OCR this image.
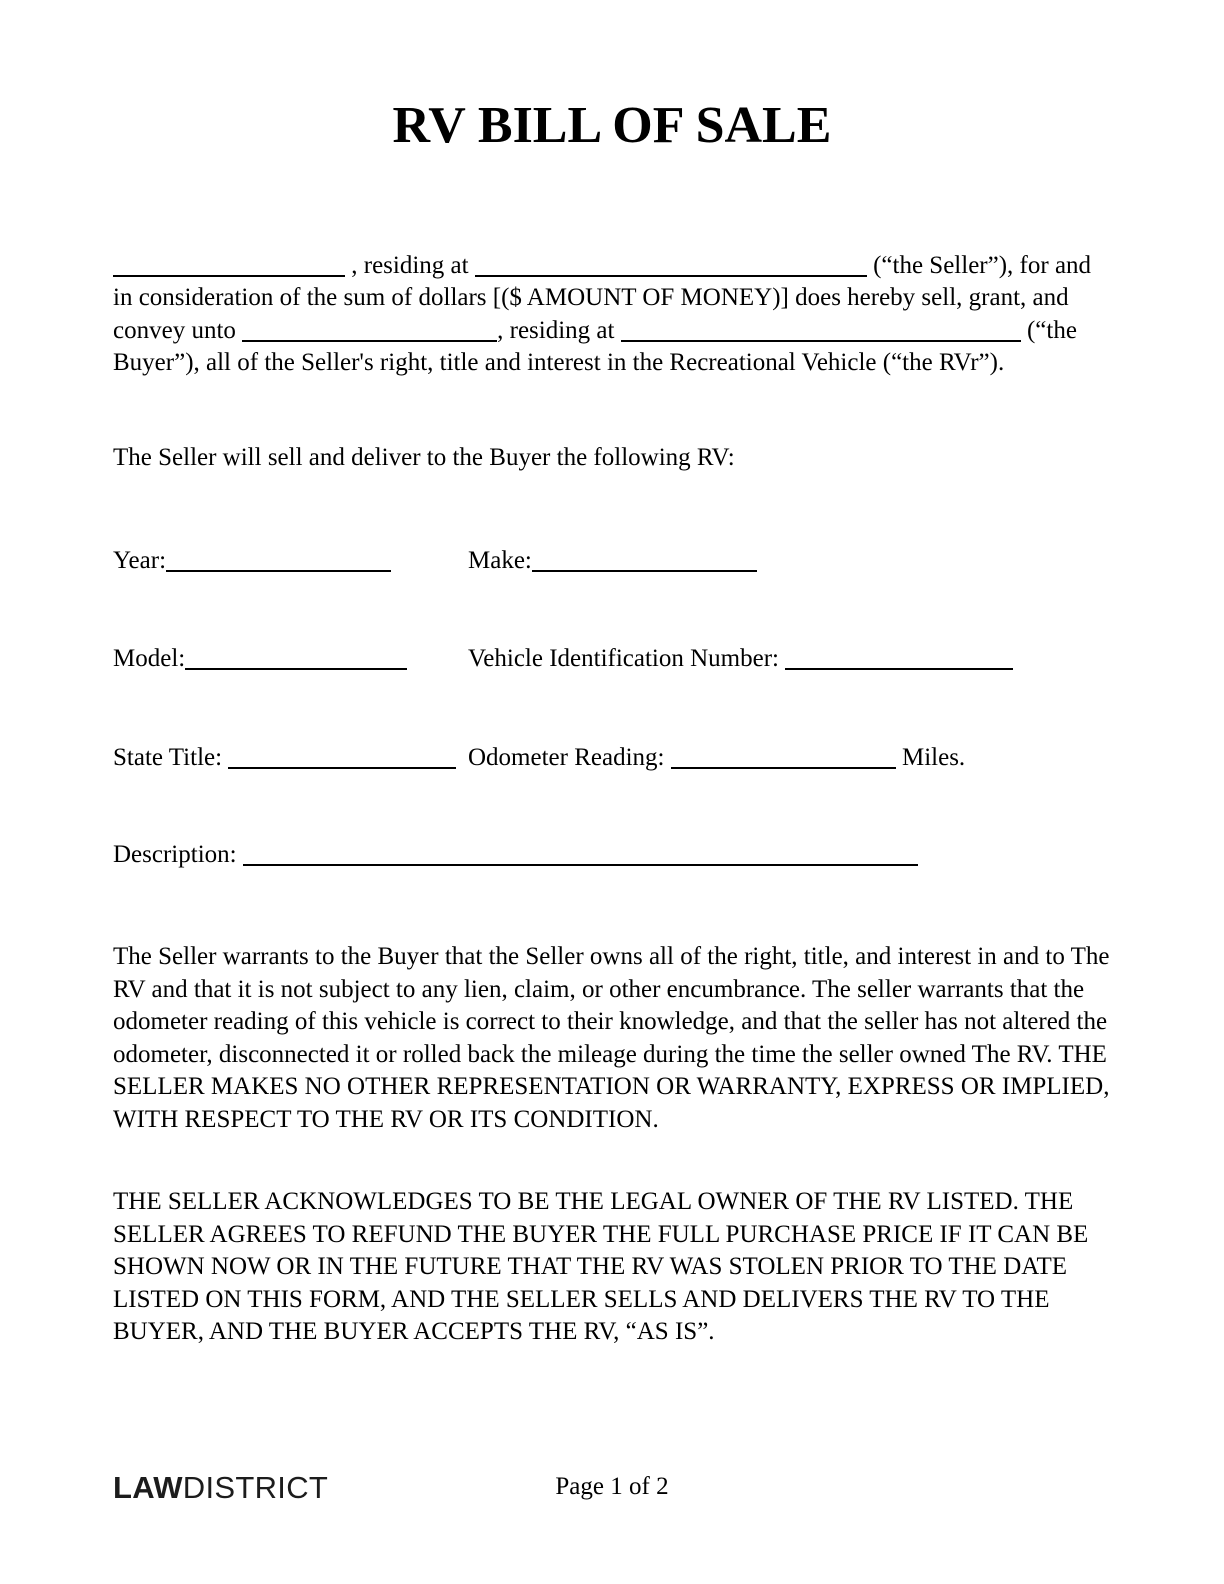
RV BILL OF SALE

, residing at	(“the Seller”), for and in consideration of the sum of dollars [($ AMOUNT OF MONEY)] does hereby sell, grant, and convey unto	, residing at	(“the Buyer”), all of the Seller's right, title and interest in the Recreational Vehicle (“the RVr”).

The Seller will sell and deliver to the Buyer the following RV:

Year:	Make:
Model:	Vehicle Identification Number:
State Title:	Odometer Reading:	Miles.
Description:

The Seller warrants to the Buyer that the Seller owns all of the right, title, and interest in and to The RV and that it is not subject to any lien, claim, or other encumbrance. The seller warrants that the odometer reading of this vehicle is correct to their knowledge, and that the seller has not altered the odometer, disconnected it or rolled back the mileage during the time the seller owned The RV. THE SELLER MAKES NO OTHER REPRESENTATION OR WARRANTY, EXPRESS OR IMPLIED, WITH RESPECT TO THE RV OR ITS CONDITION.

THE SELLER ACKNOWLEDGES TO BE THE LEGAL OWNER OF THE RV LISTED. THE SELLER AGREES TO REFUND THE BUYER THE FULL PURCHASE PRICE IF IT CAN BE SHOWN NOW OR IN THE FUTURE THAT THE RV WAS STOLEN PRIOR TO THE DATE LISTED ON THIS FORM, AND THE SELLER SELLS AND DELIVERS THE RV TO THE BUYER, AND THE BUYER ACCEPTS THE RV, “AS IS”.

LAWDISTRICT	Page 1 of 2
